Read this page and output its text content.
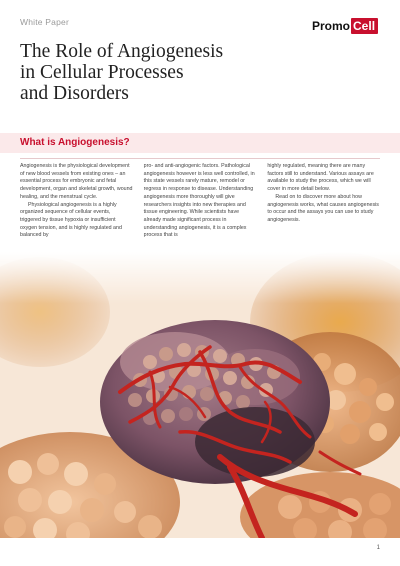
White Paper	Promo Cell
The Role of Angiogenesis
in Cellular Processes
and Disorders
What is Angiogenesis?

Angiogenesis is the physiological development of new blood vessels from existing ones – an essential process for embryonic and fetal development, organ and skeletal growth, wound healing, and the menstrual cycle.

Physiological angiogenesis is a highly organized sequence of cellular events, triggered by tissue hypoxia or insufficient oxygen tension, and is highly regulated and balanced by

pro- and anti-angiogenic factors. Pathological angiogenesis however is less well controlled, in this state vessels rarely mature, remodel or regress in response to disease. Understanding angiogenesis more thoroughly will give researchers insights into new therapies and tissue engineering. While scientists have already made significant process in understanding angiogenesis, it is a complex process that is

highly regulated, meaning there are many factors still to understand. Various assays are available to study the process, which we will cover in more detail below.

Read on to discover more about how angiogenesis works, what causes angiogenesis to occur and the assays you can use to study angiogenesis.

1
